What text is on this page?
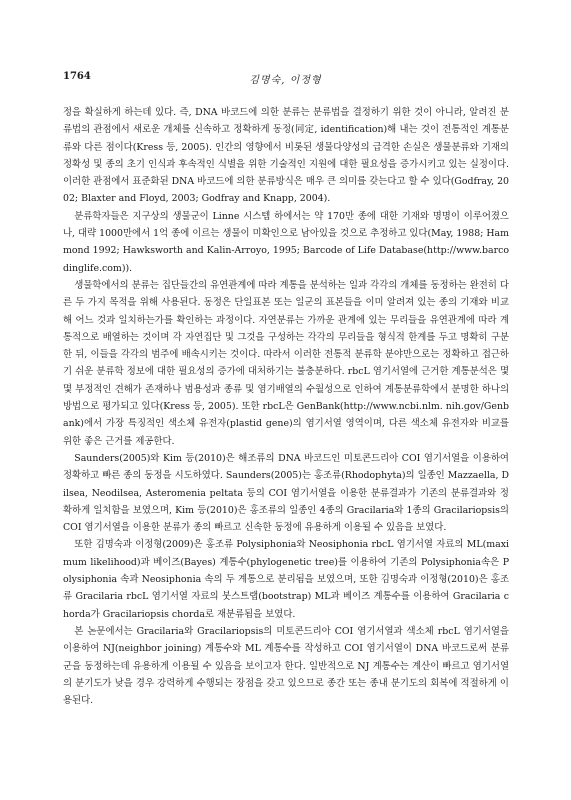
1764	김명숙, 이정형

정을 확실하게 하는데 있다. 즉, DNA 바코드에 의한 분류는 분류법을 결정하기 위한 것이 아니라, 알려진 분류법의 관점에서 새로운 개체를 신속하고 정확하게 동정(同定, identification)해 내는 것이 전통적인 계통분류와 다른 점이다(Kress 등, 2005). 인간의 영향에서 비롯된 생물다양성의 급격한 손실은 생물분류와 기재의 정확성 및 종의 초기 인식과 후속적인 식별을 위한 기술적인 지원에 대한 필요성을 증가시키고 있는 실정이다. 이러한 관점에서 표준화된 DNA 바코드에 의한 분류방식은 매우 큰 의미를 갖는다고 할 수 있다(Godfray, 2002; Blaxter and Floyd, 2003; Godfray and Knapp, 2004).

분류학자들은 지구상의 생물군이 Linne 시스템 하에서는 약 170만 종에 대한 기재와 명명이 이루어졌으나, 대략 1000만에서 1억 종에 이르는 생물이 미확인으로 남아있을 것으로 추정하고 있다(May, 1988; Hammond 1992; Hawksworth and Kalin-Arroyo, 1995; Barcode of Life Database(http://www.barcodinglife.com)).

생물학에서의 분류는 집단들간의 유연관계에 따라 계통을 분석하는 일과 각각의 개체를 동정하는 완전히 다른 두 가지 목적을 위해 사용된다. 동정은 단일표본 또는 일군의 표본들을 이미 알려져 있는 종의 기재와 비교해 어느 것과 일치하는가를 확인하는 과정이다. 자연분류는 가까운 관계에 있는 무리들을 유연관계에 따라 계통적으로 배열하는 것이며 각 자연집단 및 그것을 구성하는 각각의 무리들을 형식적 한계를 두고 명확히 구분한 뒤, 이들을 각각의 범주에 배속시키는 것이다. 따라서 이러한 전통적 분류학 분야만으로는 정확하고 접근하기 쉬운 분류학 정보에 대한 필요성의 증가에 대처하기는 불충분하다. rbcL 염기서열에 근거한 계통분석은 몇몇 부정적인 견해가 존재하나 범용성과 종류 및 염기배열의 수월성으로 인하여 계통분류학에서 분명한 하나의 방법으로 평가되고 있다(Kress 등, 2005). 또한 rbcL은 GenBank(http://www.ncbi.nlm. nih.gov/Genbank)에서 가장 특징적인 색소체 유전자(plastid gene)의 염기서열 영역이며, 다른 색소체 유전자와 비교를 위한 좋은 근거를 제공한다.

Saunders(2005)와 Kim 등(2010)은 해조류의 DNA 바코드인 미토콘드리아 COI 염기서열을 이용하여 정확하고 빠른 종의 동정을 시도하였다. Saunders(2005)는 홍조류(Rhodophyta)의 일종인 Mazzaella, Dilsea, Neodilsea, Asteromenia peltata 등의 COI 염기서열을 이용한 분류결과가 기존의 분류결과와 정확하게 일치함을 보였으며, Kim 등(2010)은 홍조류의 일종인 4종의 Gracilaria와 1종의 Gracilariopsis의 COI 염기서열을 이용한 분류가 종의 빠르고 신속한 동정에 유용하게 이용될 수 있음을 보였다.

또한 김명숙과 이정형(2009)은 홍조류 Polysiphonia와 Neosiphonia rbcL 염기서열 자료의 ML(maximum likelihood)과 베이즈(Bayes) 계통수(phylogenetic tree)를 이용하여 기존의 Polysiphonia속은 Polysiphonia 속과 Neosiphonia 속의 두 계통으로 분리됨을 보였으며, 또한 김명숙과 이정형(2010)은 홍조류 Gracilaria rbcL 염기서열 자료의 붓스트랩(bootstrap) ML과 베이즈 계통수를 이용하여 Gracilaria chorda가 Gracilariopsis chorda로 재분류됨을 보였다.

본 논문에서는 Gracilaria와 Gracilariopsis의 미토콘드리아 COI 염기서열과 색소체 rbcL 염기서열을 이용하여 NJ(neighbor joining) 계통수와 ML 계통수를 작성하고 COI 염기서열이 DNA 바코드로써 분류군을 동정하는데 유용하게 이용될 수 있음을 보이고자 한다. 일반적으로 NJ 계통수는 계산이 빠르고 염기서열의 분기도가 낮을 경우 강력하게 수행되는 장점을 갖고 있으므로 종간 또는 종내 분기도의 회복에 적절하게 이용된다.
